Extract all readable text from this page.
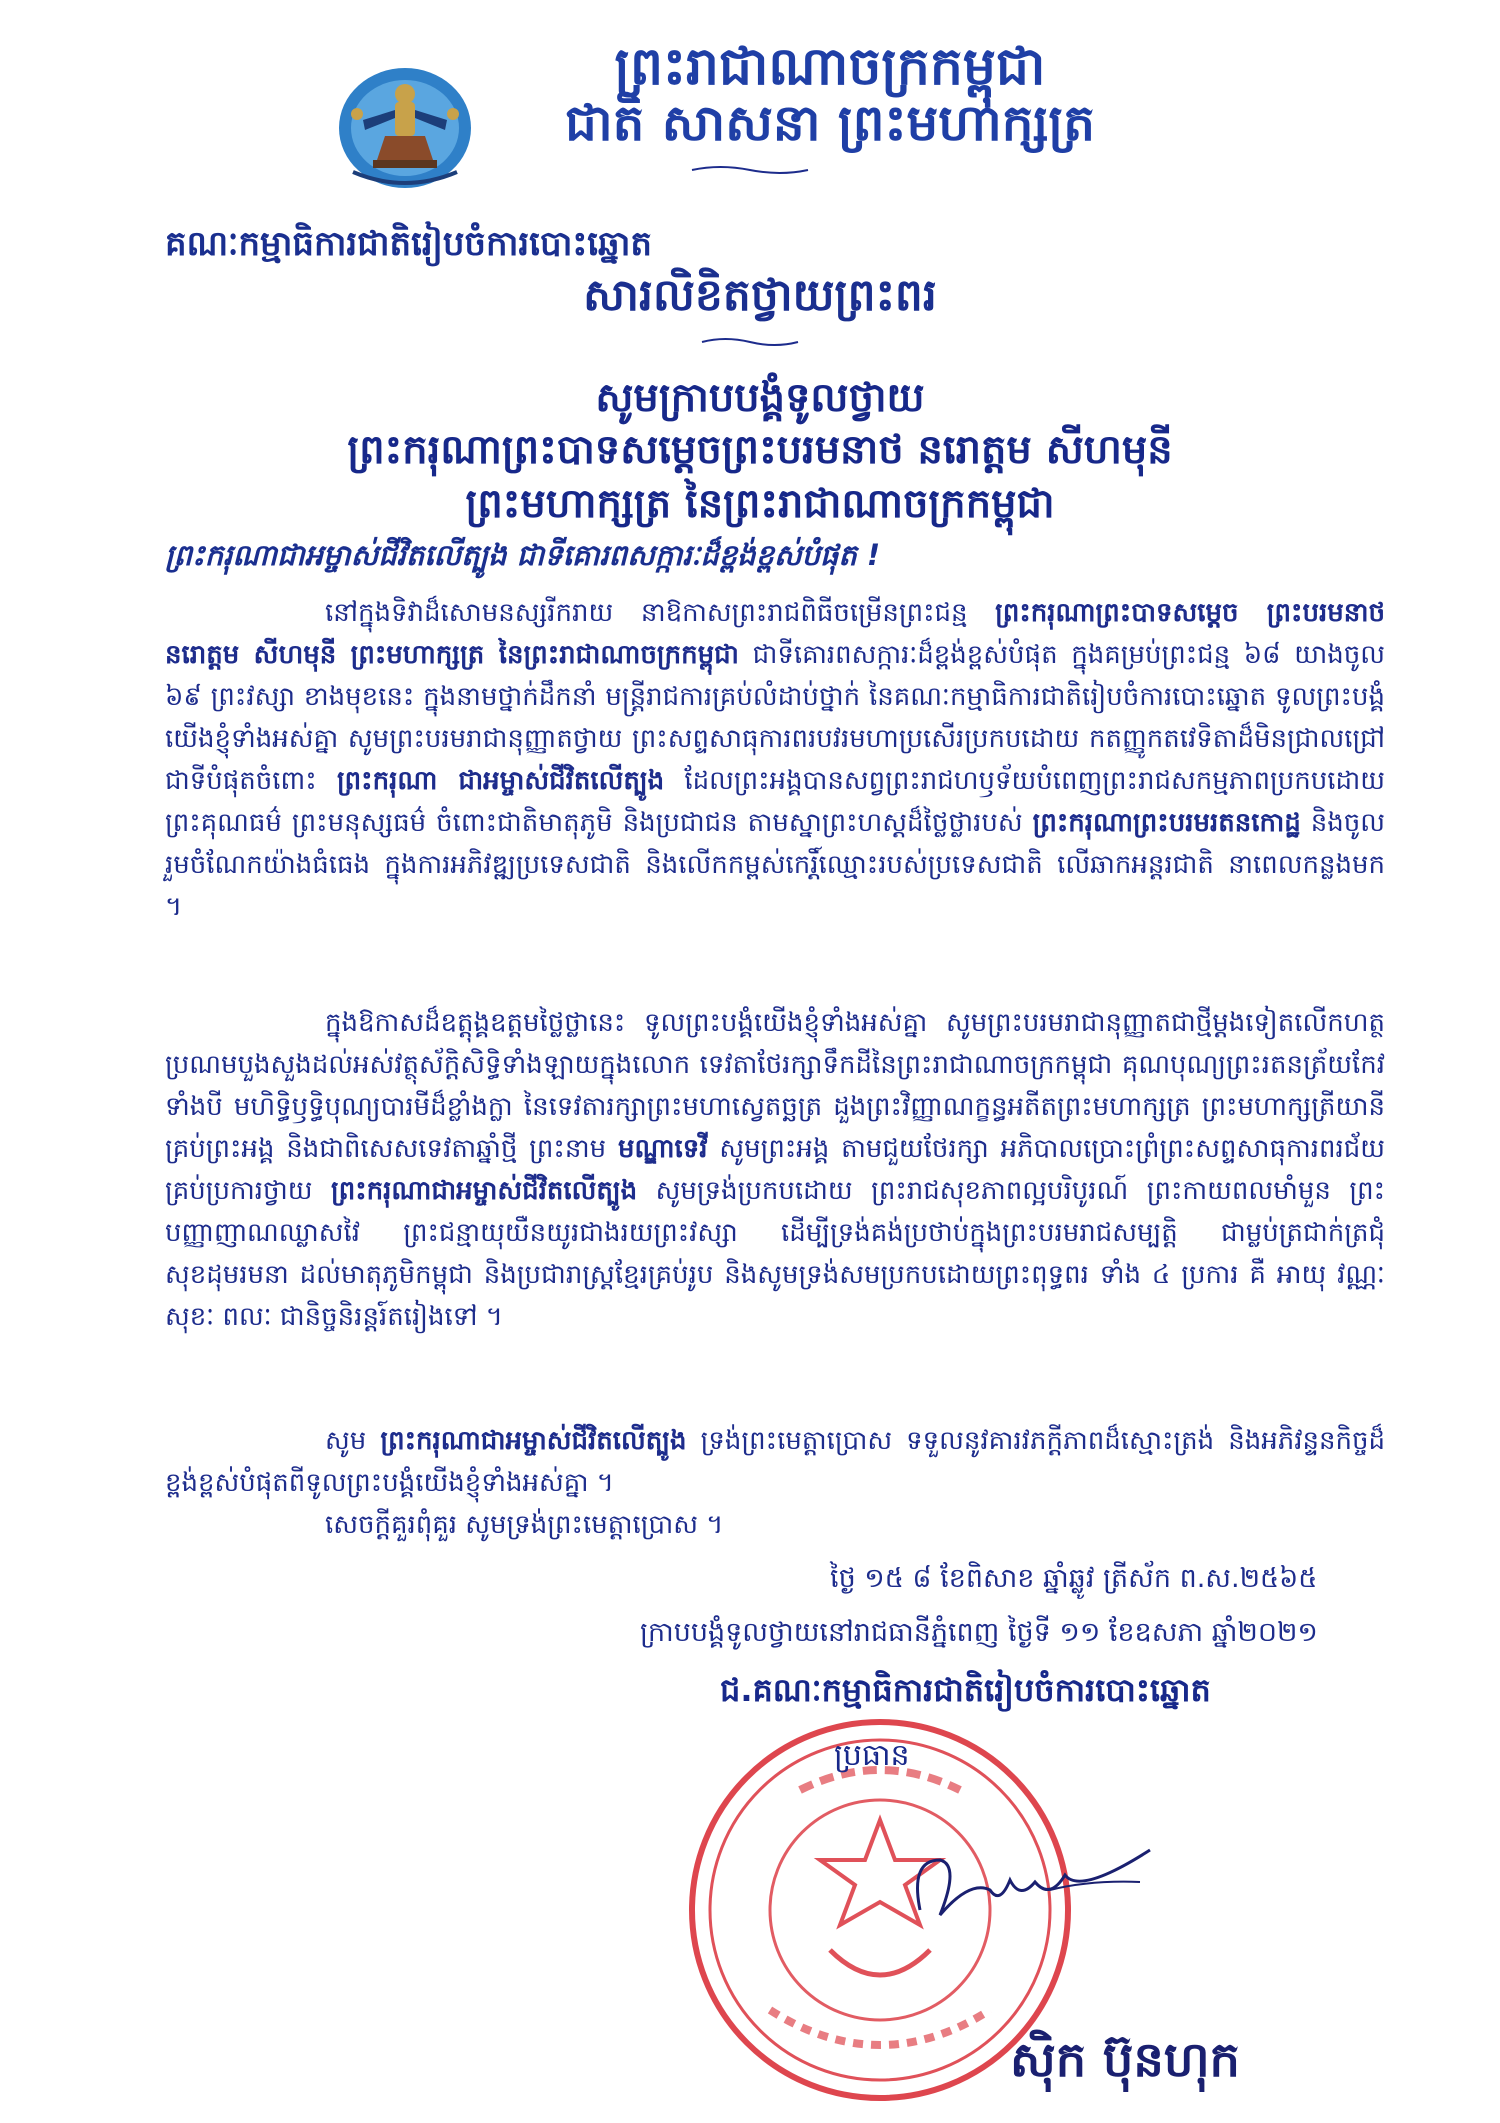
ព្រះរាជាណាចក្រកម្ពុជា
ជាតិ សាសនា ព្រះមហាក្សត្រ
គណៈកម្មាធិការជាតិរៀបចំការបោះឆ្នោត
សារលិខិតថ្វាយព្រះពរ
សូមក្រាបបង្គំទូលថ្វាយ
ព្រះករុណាព្រះបាទសម្តេចព្រះបរមនាថ នរោត្តម សីហមុនី
ព្រះមហាក្សត្រ នៃព្រះរាជាណាចក្រកម្ពុជា
ព្រះករុណាជាអម្ចាស់ជីវិតលើត្បូង ជាទីគោរពសក្ការៈដ៏ខ្ពង់ខ្ពស់បំផុត !
នៅក្នុងទិវាដ៏សោមនស្សរីករាយ នាឱកាសព្រះរាជពិធីចម្រើនព្រះជន្ម ព្រះករុណាព្រះបាទសម្តេច ព្រះបរមនាថ នរោត្តម សីហមុនី ព្រះមហាក្សត្រ នៃព្រះរាជាណាចក្រកម្ពុជា ជាទីគោរពសក្ការៈដ៏ខ្ពង់ខ្ពស់បំផុត ក្នុងគម្រប់ព្រះជន្ម ៦៨ យាងចូល ៦៩ ព្រះវស្សា ខាងមុខនេះ ក្នុងនាមថ្នាក់ដឹកនាំ មន្ត្រីរាជការគ្រប់លំដាប់ថ្នាក់ នៃគណៈកម្មាធិការជាតិរៀបចំការបោះឆ្នោត ទូលព្រះបង្គំយើងខ្ញុំទាំងអស់គ្នា សូមព្រះបរមរាជានុញ្ញាតថ្វាយ ព្រះសព្ទសាធុការពរបវរមហាប្រសើរប្រកបដោយ កតញ្ញូកតវេទិតាដ៏មិនជ្រាលជ្រៅជាទីបំផុតចំពោះ ព្រះករុណា ជាអម្ចាស់ជីវិតលើត្បូង ដែលព្រះអង្គបានសព្វព្រះរាជហឫទ័យបំពេញព្រះរាជសកម្មភាពប្រកបដោយ ព្រះគុណធម៌ ព្រះមនុស្សធម៌ ចំពោះជាតិមាតុភូមិ និងប្រជាជន តាមស្នាព្រះហស្តដ៏ថ្លៃថ្លារបស់ ព្រះករុណាព្រះបរមរតនកោដ្ឋ និងចូលរួមចំណែកយ៉ាងធំធេង ក្នុងការអភិវឌ្ឍប្រទេសជាតិ និងលើកកម្ពស់កេរ្តិ៍ឈ្មោះរបស់ប្រទេសជាតិ លើឆាកអន្តរជាតិ នាពេលកន្លងមក ។
ក្នុងឱកាសដ៏ឧត្តុង្គឧត្តមថ្លៃថ្លានេះ ទូលព្រះបង្គំយើងខ្ញុំទាំងអស់គ្នា សូមព្រះបរមរាជានុញ្ញាតជាថ្មីម្តងទៀតលើកហត្ថប្រណមបួងសួងដល់អស់វត្ថុស័ក្តិសិទ្ធិទាំងឡាយក្នុងលោក ទេវតាថែរក្សាទឹកដីនៃព្រះរាជាណាចក្រកម្ពុជា គុណបុណ្យព្រះរតនត្រ័យកែវទាំងបី មហិទ្ធិឫទ្ធិបុណ្យបារមីដ៏ខ្លាំងក្លា នៃទេវតារក្សាព្រះមហាស្វេតច្ឆត្រ ដួងព្រះវិញ្ញាណក្ខន្ធអតីតព្រះមហាក្សត្រ ព្រះមហាក្សត្រីយានីគ្រប់ព្រះអង្គ និងជាពិសេសទេវតាឆ្នាំថ្មី ព្រះនាម មណ្ឌាទេវី សូមព្រះអង្គ តាមជួយថែរក្សា អភិបាលប្រោះព្រំព្រះសព្ទសាធុការពរជ័យគ្រប់ប្រការថ្វាយ ព្រះករុណាជាអម្ចាស់ជីវិតលើត្បូង សូមទ្រង់ប្រកបដោយ ព្រះរាជសុខភាពល្អបរិបូរណ៍ ព្រះកាយពលមាំមួន ព្រះបញ្ញាញាណឈ្លាសវៃ ព្រះជន្មាយុយឺនយូរជាងរយព្រះវស្សា ដើម្បីទ្រង់គង់ប្រថាប់ក្នុងព្រះបរមរាជសម្បត្តិ ជាម្លប់ត្រជាក់ត្រជុំ សុខដុមរមនា ដល់មាតុភូមិកម្ពុជា និងប្រជារាស្ត្រខ្មែរគ្រប់រូប និងសូមទ្រង់សមប្រកបដោយព្រះពុទ្ធពរ ទាំង ៤ ប្រការ គឺ អាយុ វណ្ណៈ សុខៈ ពលៈ ជានិច្ចនិរន្តរ៍តរៀងទៅ ។
សូម ព្រះករុណាជាអម្ចាស់ជីវិតលើត្បូង ទ្រង់ព្រះមេត្តាប្រោស ទទួលនូវគារវភក្តីភាពដ៏ស្មោះត្រង់ និងអភិវន្ទនកិច្ចដ៏ខ្ពង់ខ្ពស់បំផុតពីទូលព្រះបង្គំយើងខ្ញុំទាំងអស់គ្នា ។
សេចក្តីគួរពុំគួរ សូមទ្រង់ព្រះមេត្តាប្រោស ។
ថ្ងៃ ១៥ ៨ ខែពិសាខ ឆ្នាំឆ្លូវ ត្រីស័ក ព.ស.២៥៦៥
ក្រាបបង្គំទូលថ្វាយនៅរាជធានីភ្នំពេញ ថ្ងៃទី ១១ ខែឧសភា ឆ្នាំ២០២១
ជ.គណៈកម្មាធិការជាតិរៀបចំការបោះឆ្នោត
ប្រធាន
ស៊ិក ប៊ុនហុក
